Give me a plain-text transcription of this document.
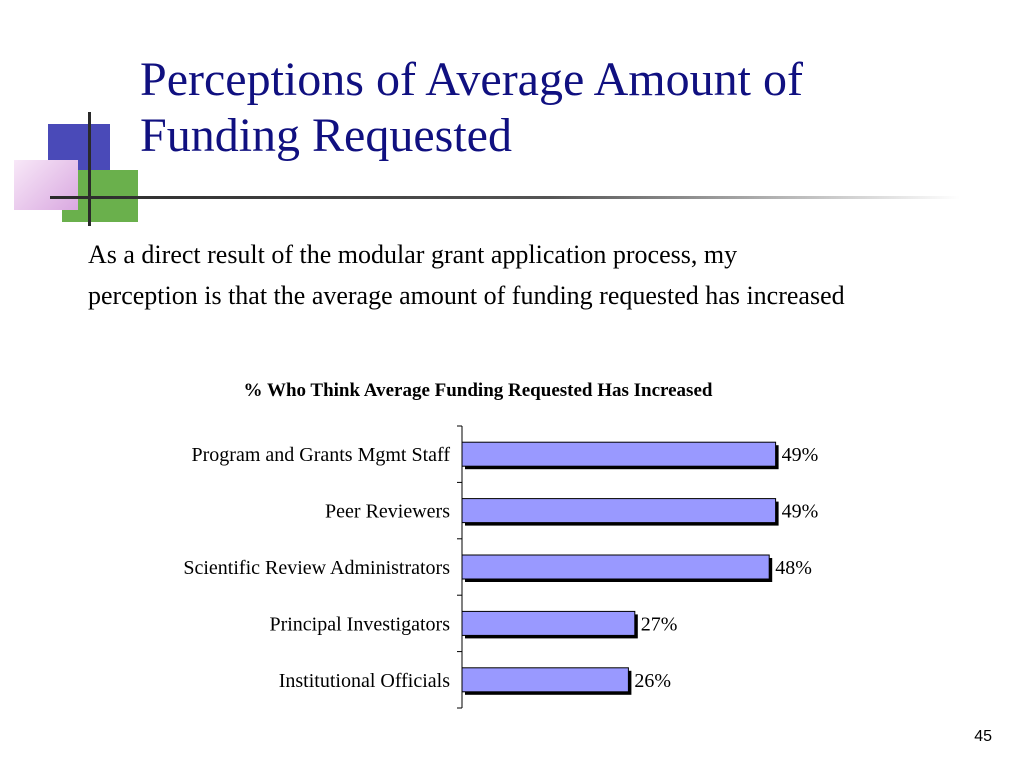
Perceptions of Average Amount of
Funding Requested

As a direct result of the modular grant application process, my perception is that the average amount of funding requested has increased

% Who Think Average Funding Requested Has Increased
Program and Grants Mgmt Staff	49%
Peer Reviewers	49%
Scientific Review Administrators	48%
Principal Investigators	27%
Institutional Officials	26%
45
